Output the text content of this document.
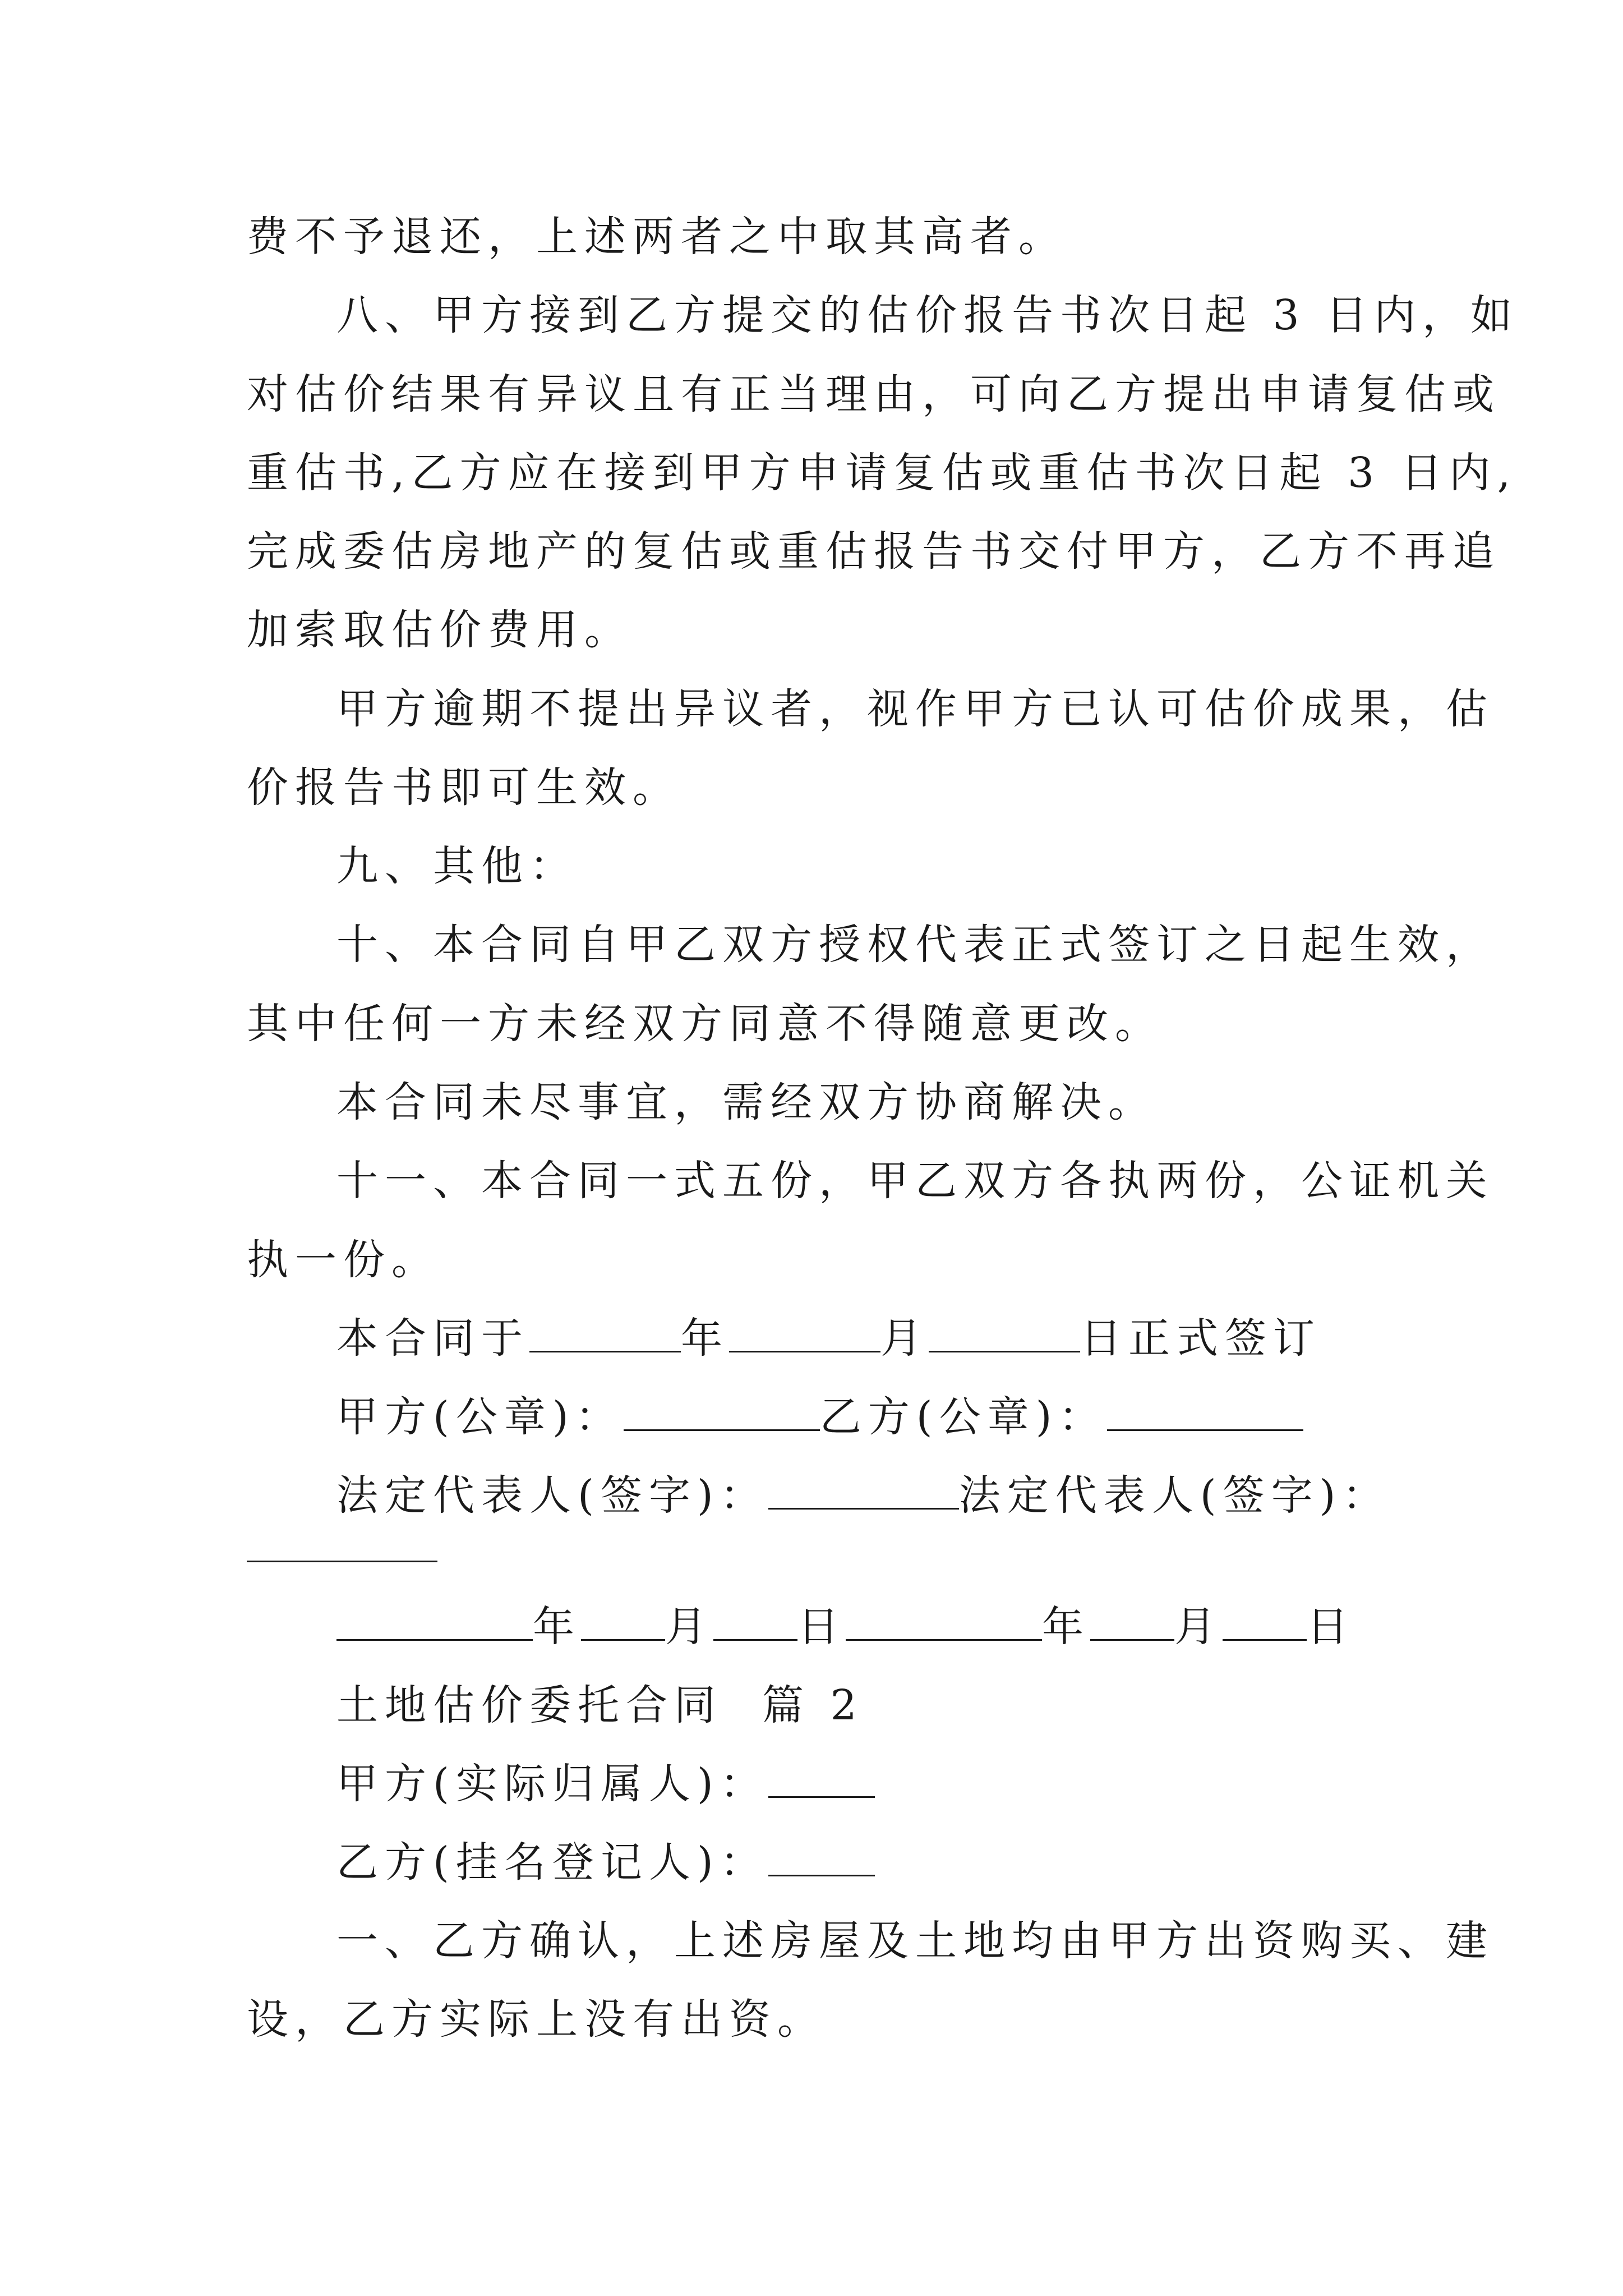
费不予退还，上述两者之中取其高者。
八、甲方接到乙方提交的估价报告书次日起 3 日内，如
对估价结果有异议且有正当理由，可向乙方提出申请复估或
重估书,乙方应在接到甲方申请复估或重估书次日起 3 日内,
完成委估房地产的复估或重估报告书交付甲方，乙方不再追
加索取估价费用。
甲方逾期不提出异议者，视作甲方已认可估价成果，估
价报告书即可生效。
九、其他：
十、本合同自甲乙双方授权代表正式签订之日起生效，
其中任何一方未经双方同意不得随意更改。
本合同未尽事宜，需经双方协商解决。
十一、本合同一式五份，甲乙双方各执两份，公证机关
执一份。
本合同于	年	月	日正式签订
甲方(公章)：	乙方(公章)：
法定代表人(签字)：	法定代表人(签字)：
年 月 日	年 月 日
土地估价委托合同  篇 2
甲方(实际归属人)：
乙方(挂名登记人)：
一、乙方确认，上述房屋及土地均由甲方出资购买、建
设，乙方实际上没有出资。
